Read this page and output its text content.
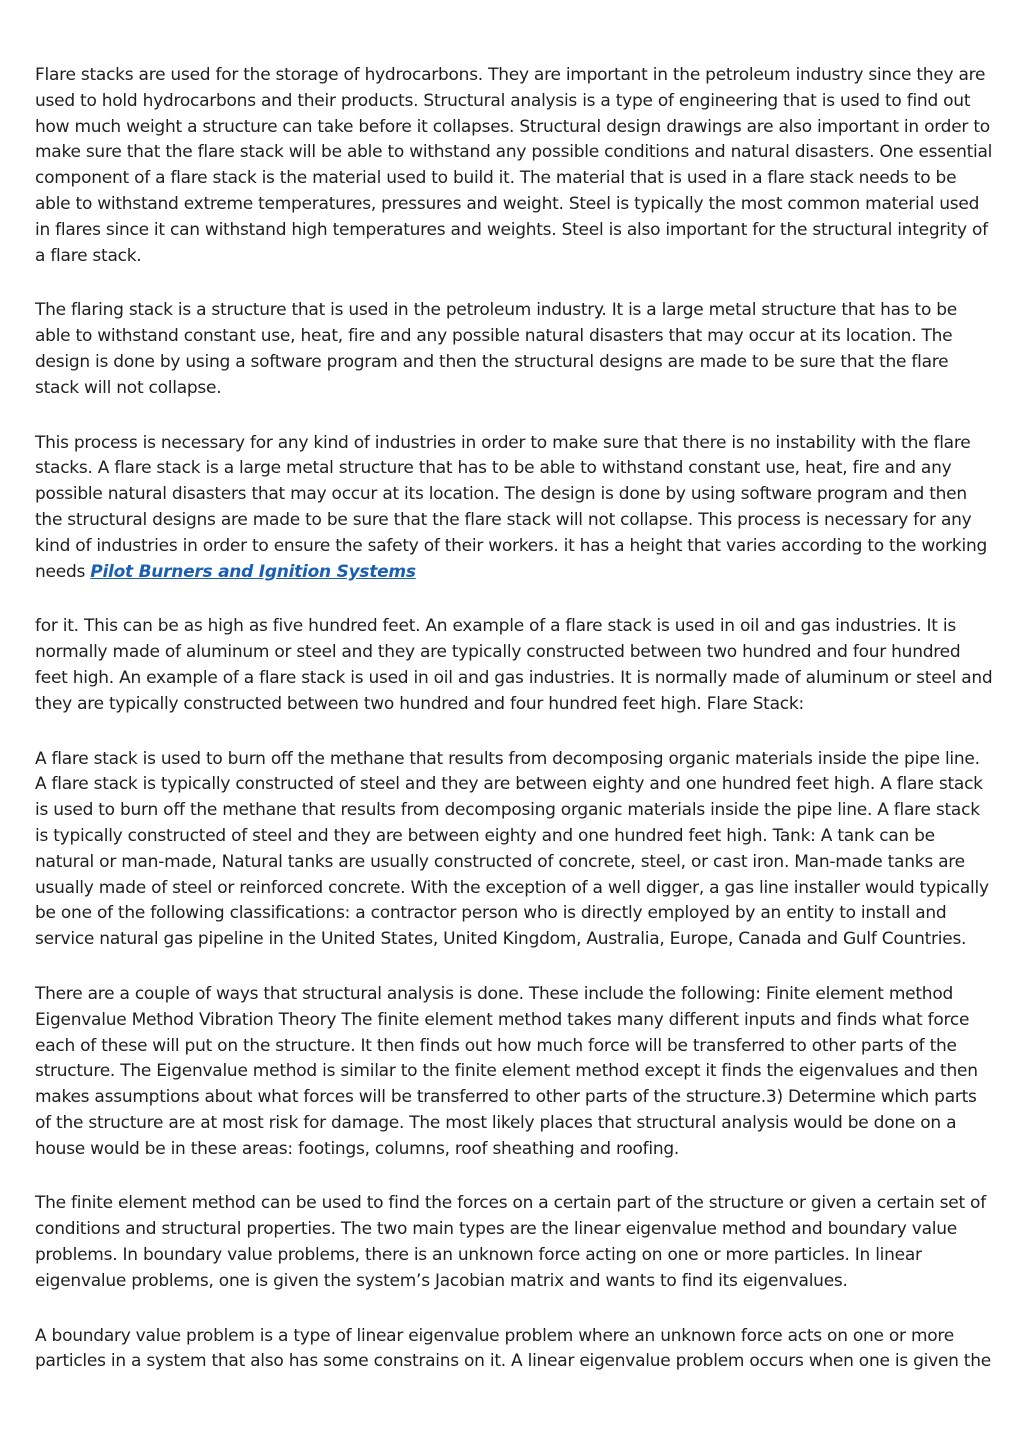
Flare stacks are used for the storage of hydrocarbons. They are important in the petroleum industry since they are used to hold hydrocarbons and their products. Structural analysis is a type of engineering that is used to find out how much weight a structure can take before it collapses. Structural design drawings are also important in order to make sure that the flare stack will be able to withstand any possible conditions and natural disasters. One essential component of a flare stack is the material used to build it. The material that is used in a flare stack needs to be able to withstand extreme temperatures, pressures and weight. Steel is typically the most common material used in flares since it can withstand high temperatures and weights. Steel is also important for the structural integrity of a flare stack.

The flaring stack is a structure that is used in the petroleum industry. It is a large metal structure that has to be able to withstand constant use, heat, fire and any possible natural disasters that may occur at its location. The design is done by using a software program and then the structural designs are made to be sure that the flare stack will not collapse.

This process is necessary for any kind of industries in order to make sure that there is no instability with the flare stacks. A flare stack is a large metal structure that has to be able to withstand constant use, heat, fire and any possible natural disasters that may occur at its location. The design is done by using software program and then the structural designs are made to be sure that the flare stack will not collapse. This process is necessary for any kind of industries in order to ensure the safety of their workers. it has a height that varies according to the working needs Pilot Burners and Ignition Systems

for it. This can be as high as five hundred feet. An example of a flare stack is used in oil and gas industries. It is normally made of aluminum or steel and they are typically constructed between two hundred and four hundred feet high. An example of a flare stack is used in oil and gas industries. It is normally made of aluminum or steel and they are typically constructed between two hundred and four hundred feet high. Flare Stack:

A flare stack is used to burn off the methane that results from decomposing organic materials inside the pipe line. A flare stack is typically constructed of steel and they are between eighty and one hundred feet high. A flare stack is used to burn off the methane that results from decomposing organic materials inside the pipe line. A flare stack is typically constructed of steel and they are between eighty and one hundred feet high. Tank: A tank can be natural or man-made, Natural tanks are usually constructed of concrete, steel, or cast iron. Man-made tanks are usually made of steel or reinforced concrete. With the exception of a well digger, a gas line installer would typically be one of the following classifications: a contractor person who is directly employed by an entity to install and service natural gas pipeline in the United States, United Kingdom, Australia, Europe, Canada and Gulf Countries.

There are a couple of ways that structural analysis is done. These include the following: Finite element method Eigenvalue Method Vibration Theory The finite element method takes many different inputs and finds what force each of these will put on the structure. It then finds out how much force will be transferred to other parts of the structure. The Eigenvalue method is similar to the finite element method except it finds the eigenvalues and then makes assumptions about what forces will be transferred to other parts of the structure.3) Determine which parts of the structure are at most risk for damage. The most likely places that structural analysis would be done on a house would be in these areas: footings, columns, roof sheathing and roofing.

The finite element method can be used to find the forces on a certain part of the structure or given a certain set of conditions and structural properties. The two main types are the linear eigenvalue method and boundary value problems. In boundary value problems, there is an unknown force acting on one or more particles. In linear eigenvalue problems, one is given the system’s Jacobian matrix and wants to find its eigenvalues.

A boundary value problem is a type of linear eigenvalue problem where an unknown force acts on one or more particles in a system that also has some constrains on it. A linear eigenvalue problem occurs when one is given the
